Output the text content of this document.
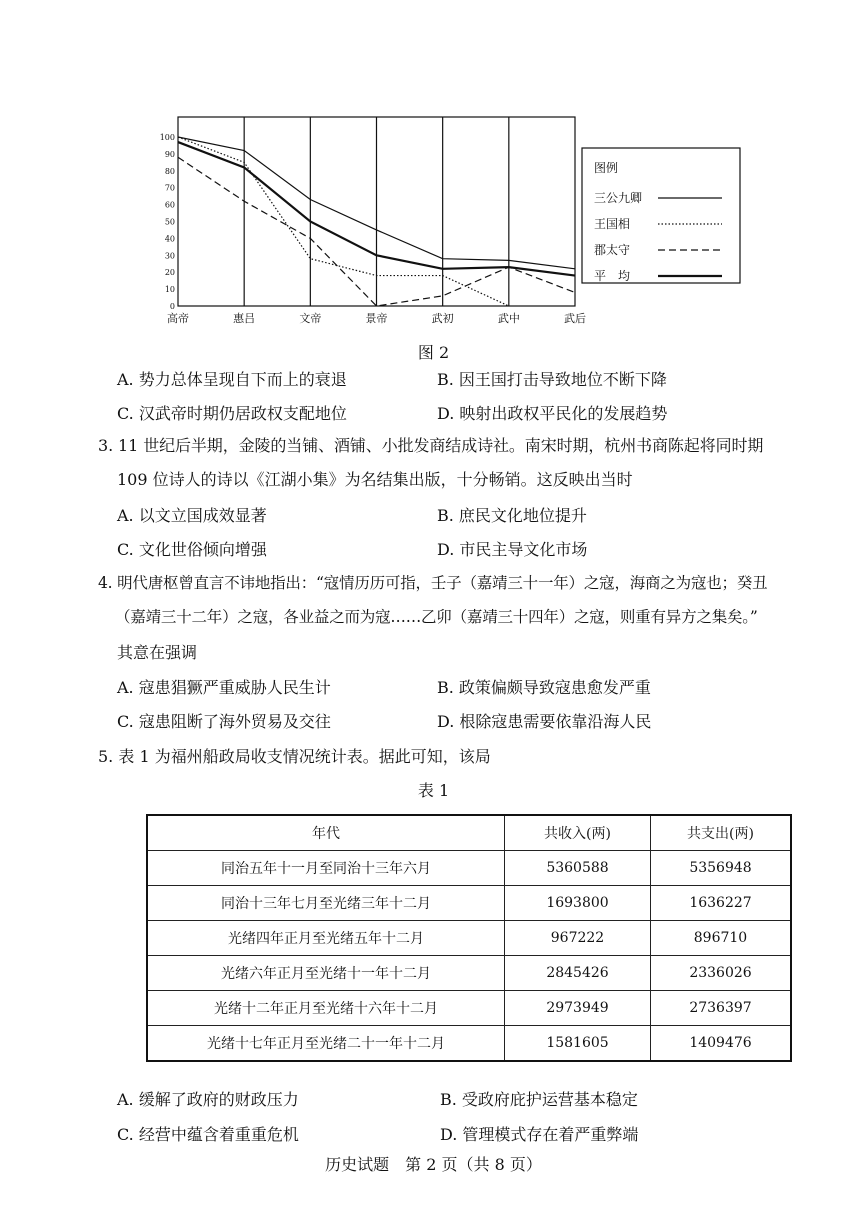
0
10
20
30
40
50
60
70
80
90
100
高帝	惠吕	文帝	景帝	武初	武中	武后
图例
三公九卿
王国相
郡太守
平　均
图 2
A. 势力总体呈现自下而上的衰退	B. 因王国打击导致地位不断下降
C. 汉武帝时期仍居政权支配地位	D. 映射出政权平民化的发展趋势
3. 11 世纪后半期，金陵的当铺、酒铺、小批发商结成诗社。南宋时期，杭州书商陈起将同时期
109 位诗人的诗以《江湖小集》为名结集出版，十分畅销。这反映出当时
A. 以文立国成效显著	B. 庶民文化地位提升
C. 文化世俗倾向增强	D. 市民主导文化市场
4. 明代唐枢曾直言不讳地指出：“寇情历历可指，壬子（嘉靖三十一年）之寇，海商之为寇也；癸丑
（嘉靖三十二年）之寇，各业益之而为寇……乙卯（嘉靖三十四年）之寇，则重有异方之集矣。”
其意在强调
A. 寇患猖獗严重威胁人民生计	B. 政策偏颇导致寇患愈发严重
C. 寇患阻断了海外贸易及交往	D. 根除寇患需要依靠沿海人民
5. 表 1 为福州船政局收支情况统计表。据此可知，该局
表 1
年代	共收入(两)	共支出(两)
同治五年十一月至同治十三年六月	5360588	5356948
同治十三年七月至光绪三年十二月	1693800	1636227
光绪四年正月至光绪五年十二月	967222	896710
光绪六年正月至光绪十一年十二月	2845426	2336026
光绪十二年正月至光绪十六年十二月	2973949	2736397
光绪十七年正月至光绪二十一年十二月	1581605	1409476
A. 缓解了政府的财政压力	B. 受政府庇护运营基本稳定
C. 经营中蕴含着重重危机	D. 管理模式存在着严重弊端
历史试题　第 2 页（共 8 页）
